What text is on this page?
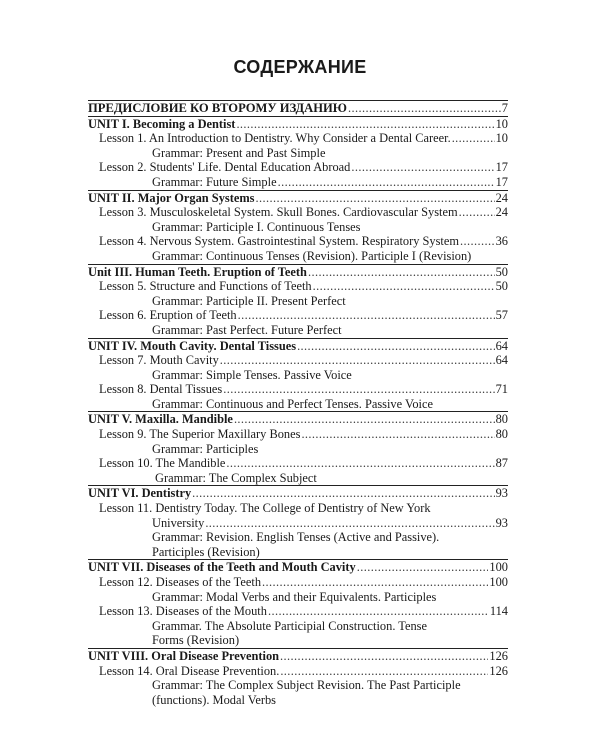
СОДЕРЖАНИЕ
ПРЕДИСЛОВИЕ КО ВТОРОМУ ИЗДАНИЮ .....	7
UNIT I. Becoming a Dentist .....	10
Lesson 1. An Introduction to Dentistry. Why Consider a Dental Career. .....	10
Grammar: Present and Past Simple
Lesson 2. Students' Life. Dental Education Abroad .....	17
Grammar: Future Simple .....	17
UNIT II. Major Organ Systems .....	24
Lesson 3. Musculoskeletal System. Skull Bones. Cardiovascular System .....	24
Grammar: Participle I. Continuous Tenses
Lesson 4. Nervous System. Gastrointestinal System. Respiratory System .....	36
Grammar: Continuous Tenses (Revision). Participle I (Revision)
Unit III. Human Teeth. Eruption of Teeth .....	50
Lesson 5. Structure and Functions of Teeth .....	50
Grammar: Participle II. Present Perfect
Lesson 6. Eruption of Teeth .....	57
Grammar: Past Perfect. Future Perfect
UNIT IV. Mouth Cavity. Dental Tissues .....	64
Lesson 7. Mouth Cavity .....	64
Grammar: Simple Tenses. Passive Voice
Lesson 8. Dental Tissues .....	71
Grammar: Continuous and Perfect Tenses. Passive Voice
UNIT V. Maxilla. Mandible .....	80
Lesson 9. The Superior Maxillary Bones .....	80
Grammar: Participles
Lesson 10. The Mandible .....	87
Grammar: The Complex Subject
UNIT VI. Dentistry .....	93
Lesson 11. Dentistry Today. The College of Dentistry of New York
University .....	93
Grammar: Revision. English Tenses (Active and Passive).
Participles (Revision)
UNIT VII. Diseases of the Teeth and Mouth Cavity .....	100
Lesson 12. Diseases of the Teeth .....	100
Grammar: Modal Verbs and their Equivalents. Participles
Lesson 13. Diseases of the Mouth .....	114
Grammar. The Absolute Participial Construction. Tense
Forms (Revision)
UNIT VIII. Oral Disease Prevention .....	126
Lesson 14. Oral Disease Prevention. .....	126
Grammar: The Complex Subject Revision. The Past Participle
(functions). Modal Verbs
